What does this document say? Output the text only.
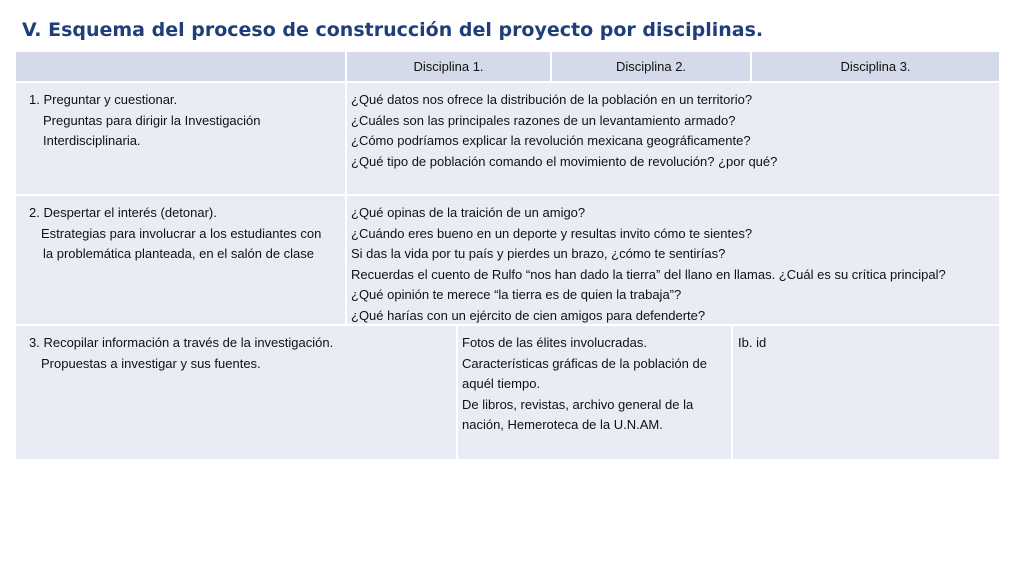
V. Esquema del proceso de construcción del proyecto por disciplinas.
Disciplina 1.	Disciplina 2.	Disciplina 3.
1. Preguntar y cuestionar.
Preguntas para dirigir la Investigación
Interdisciplinaria.
¿Qué datos nos ofrece la distribución de la población en un territorio?
¿Cuáles son las principales razones de un levantamiento armado?
¿Cómo podríamos explicar la revolución mexicana geográficamente?
¿Qué tipo de población comando el movimiento de revolución? ¿por qué?
2. Despertar el interés (detonar).
Estrategias para involucrar a los estudiantes con
la problemática planteada, en el salón de clase
¿Qué opinas de la traición de un amigo?
¿Cuándo eres bueno en un deporte y resultas invito cómo te sientes?
Si das la vida por tu país y pierdes un brazo, ¿cómo te sentirías?
Recuerdas el cuento de Rulfo “nos han dado la tierra” del llano en llamas. ¿Cuál es su crítica principal?
¿Qué opinión te merece “la tierra es de quien la trabaja”?
¿Qué harías con un ejército de cien amigos para defenderte?
3. Recopilar información a través de la investigación.
Propuestas a investigar y sus fuentes.
Fotos de las élites involucradas.
Características gráficas de la población de
aquél tiempo.
De libros, revistas, archivo general de la
nación, Hemeroteca de la U.N.AM.
Ib. id
